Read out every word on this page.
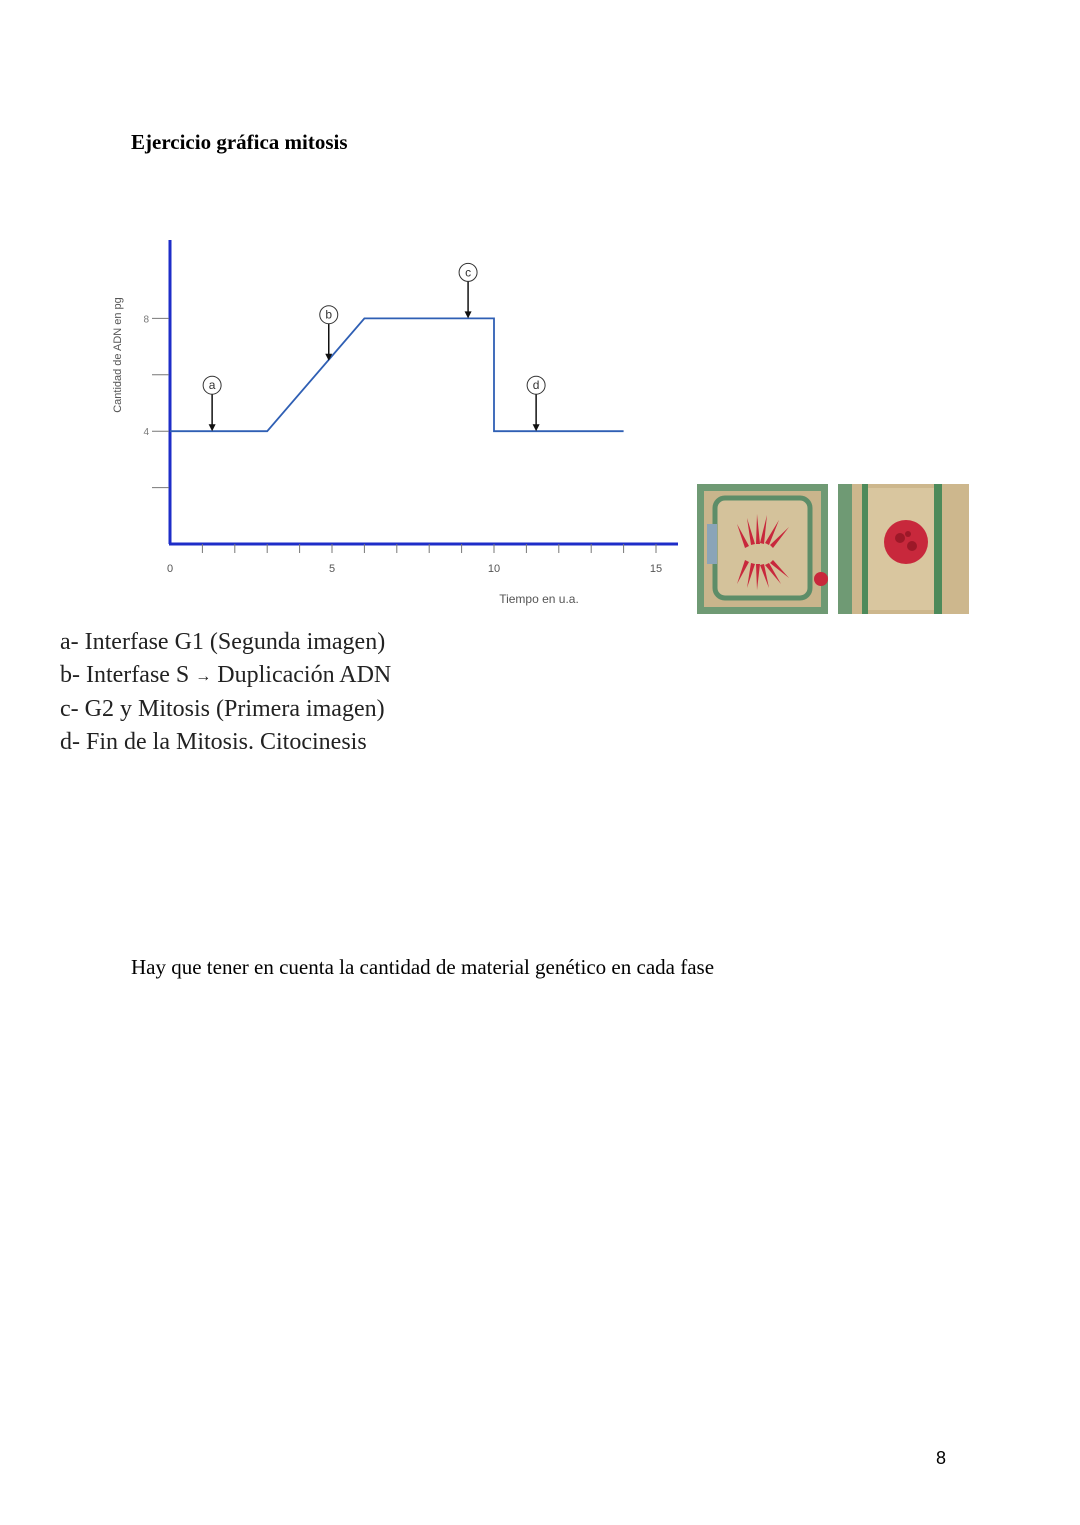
Ejercicio gráfica mitosis
Cantidad de ADN en pg
0	5	10	15
4
8
a
b
c
d
Tiempo en u.a.
a- Interfase G1 (Segunda imagen)
b- Interfase S → Duplicación ADN
c- G2 y Mitosis (Primera imagen)
d- Fin de la Mitosis. Citocinesis
Hay que tener en cuenta la cantidad de material genético en cada fase
8
